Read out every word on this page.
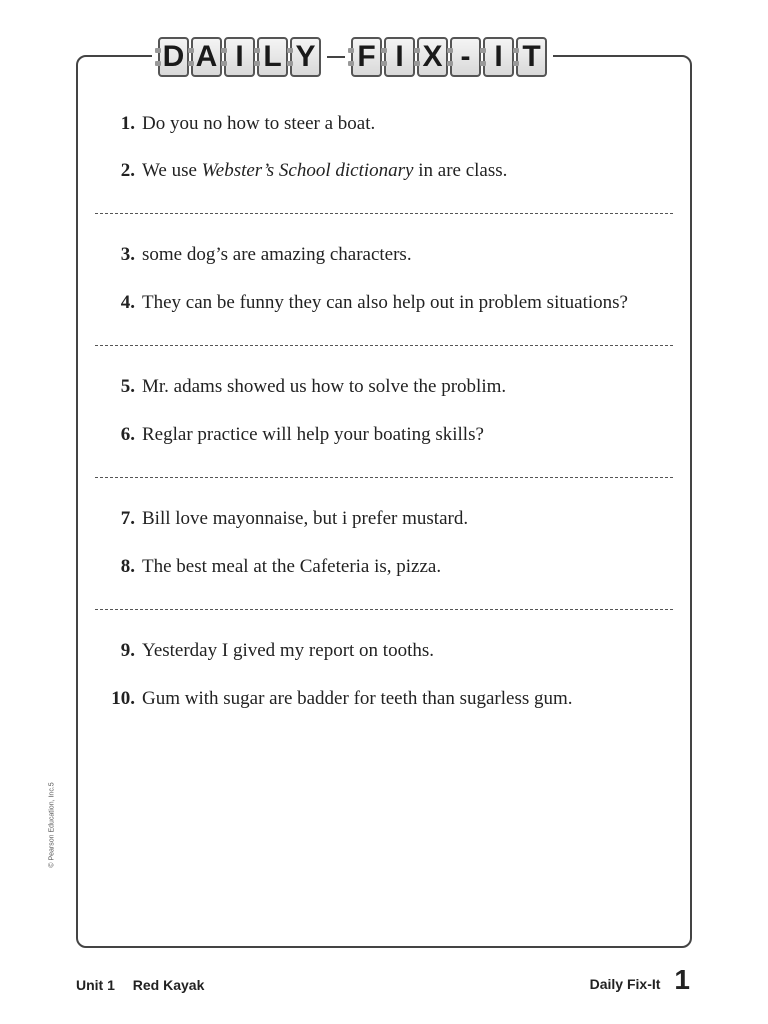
D A I L Y F I X - I T
1. Do you no how to steer a boat.
2. We use Webster’s School dictionary in are class.
3. some dog’s are amazing characters.
4. They can be funny they can also help out in problem situations?
5. Mr. adams showed us how to solve the problim.
6. Reglar practice will help your boating skills?
7. Bill love mayonnaise, but i prefer mustard.
8. The best meal at the Cafeteria is, pizza.
9. Yesterday I gived my report on tooths.
10. Gum with sugar are badder for teeth than sugarless gum.
© Pearson Education, Inc.5
Unit 1 Red Kayak	Daily Fix-It 1
